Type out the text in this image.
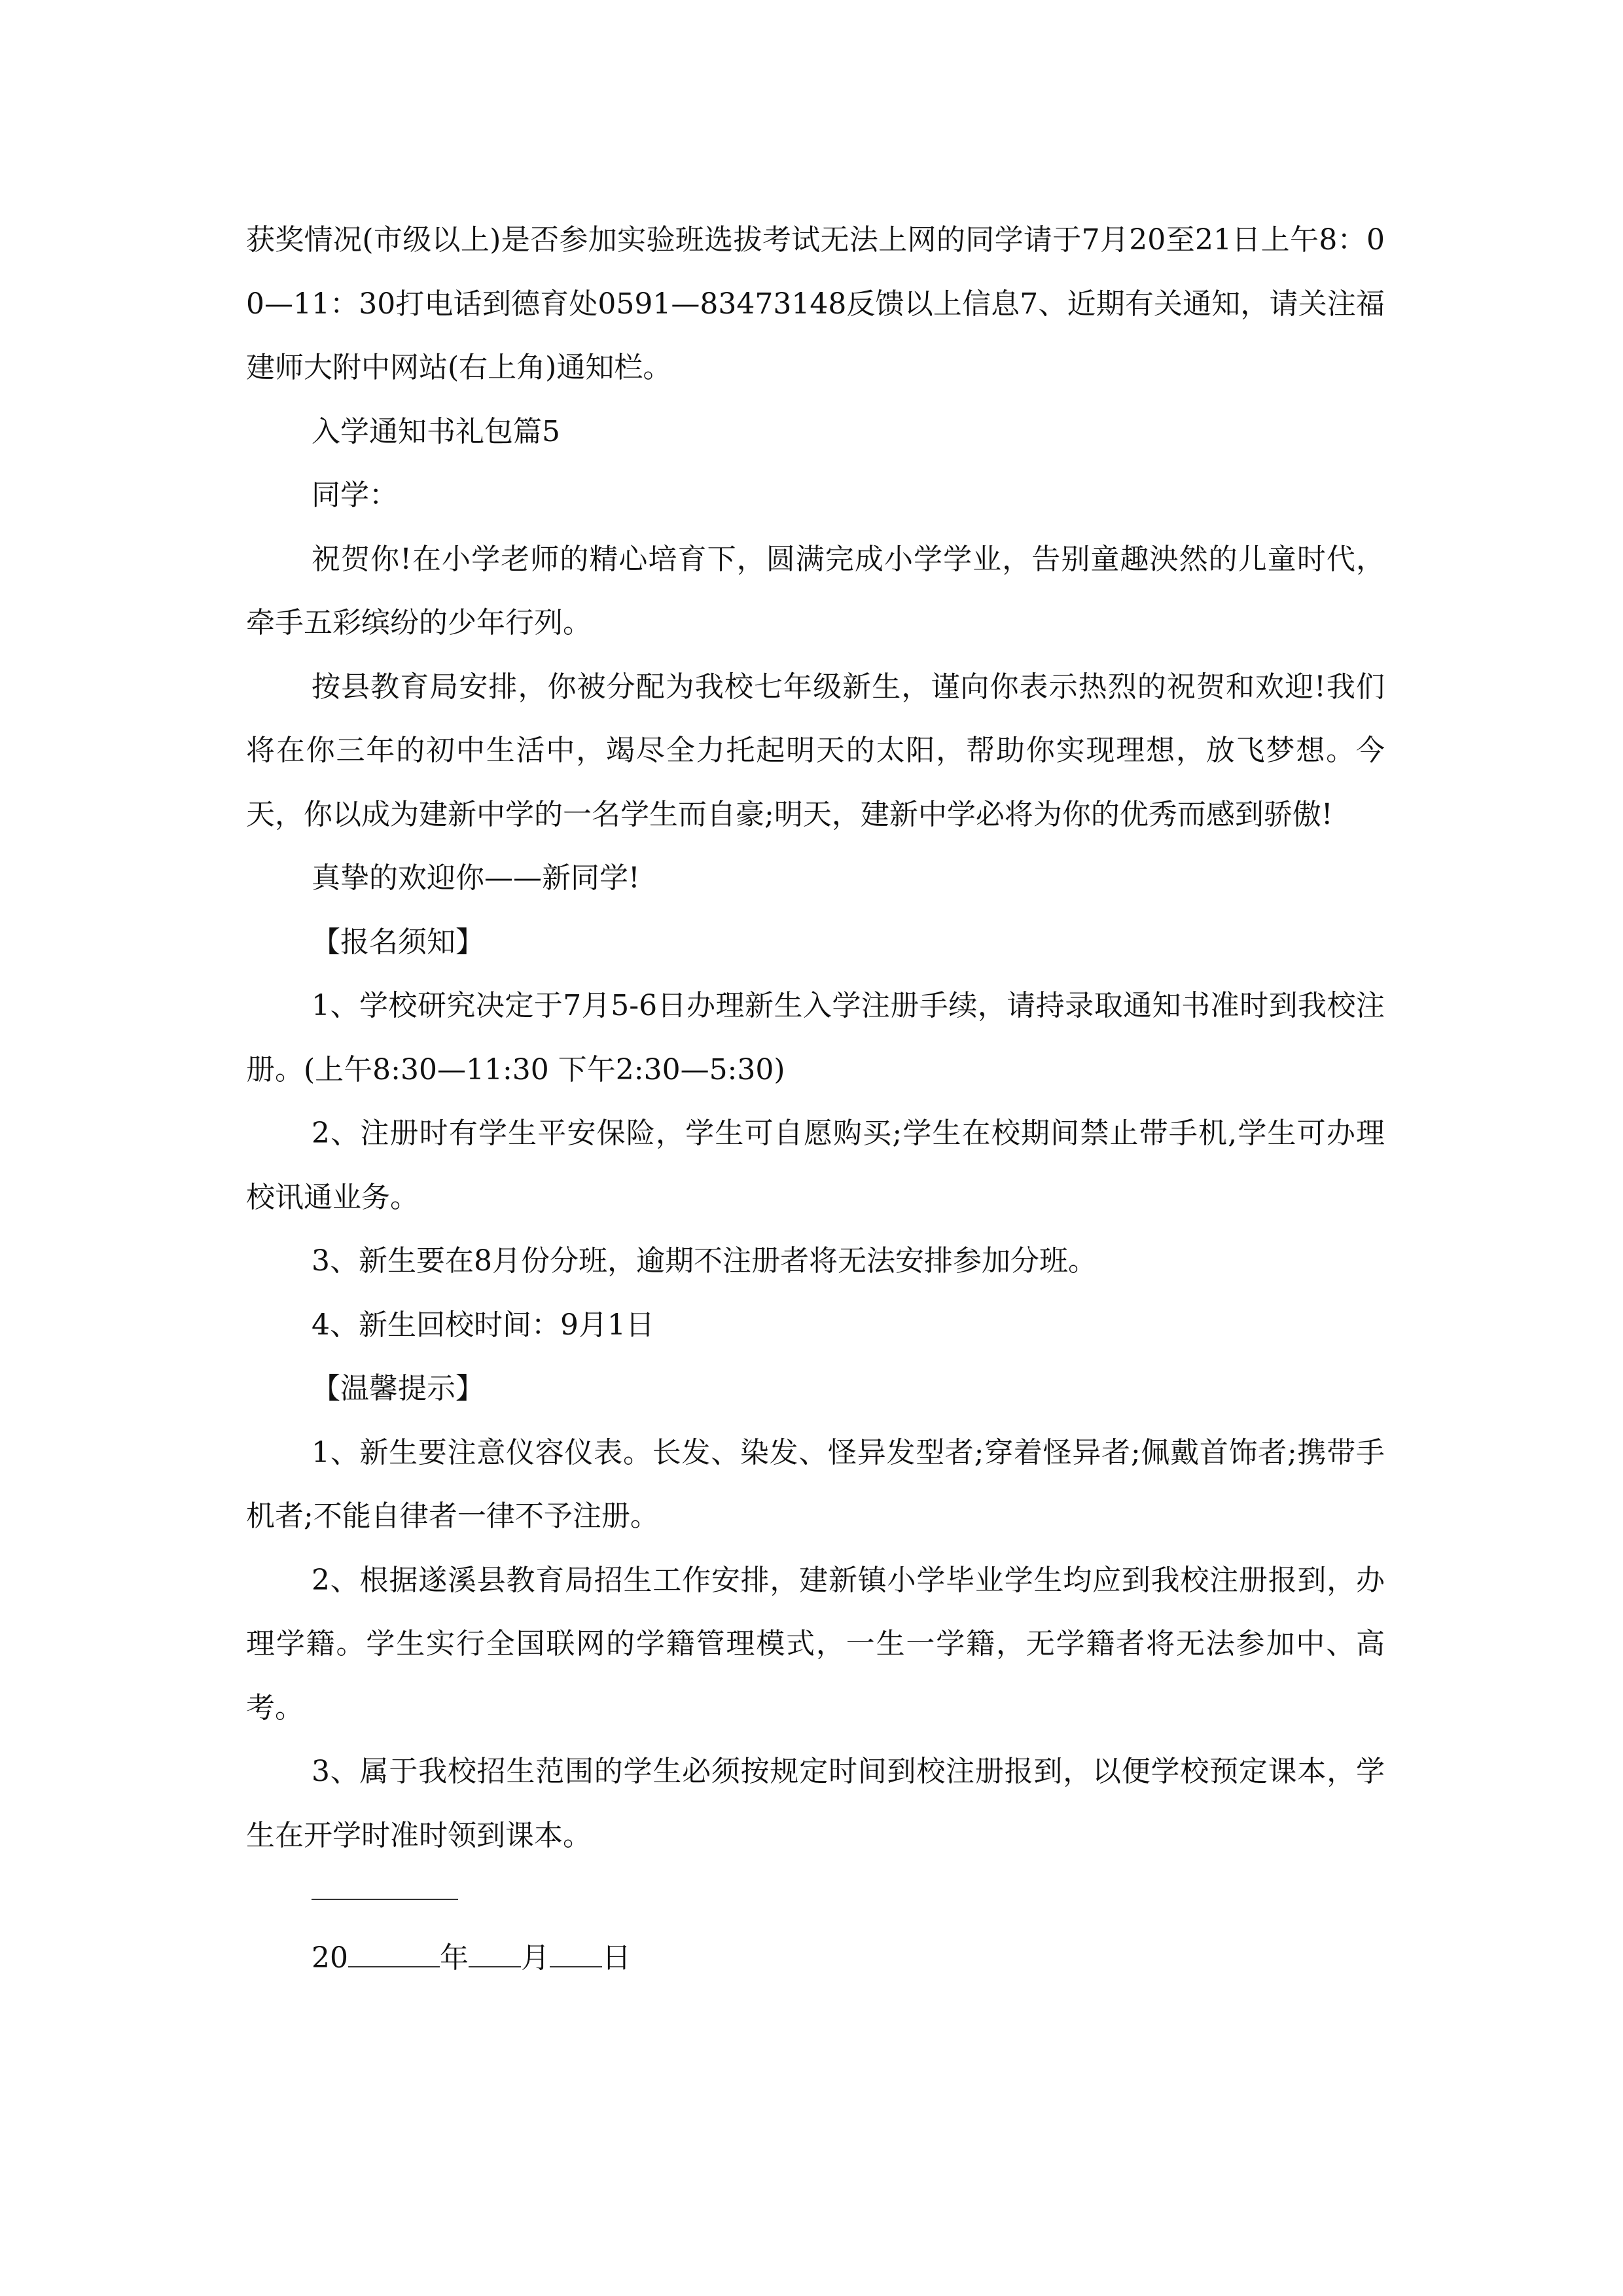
获奖情况(市级以上)是否参加实验班选拔考试无法上网的同学请于7月20至21日上午8：00—11：30打电话到德育处0591—83473148反馈以上信息7、近期有关通知，请关注福建师大附中网站(右上角)通知栏。

入学通知书礼包篇5

同学：

祝贺你!在小学老师的精心培育下，圆满完成小学学业，告别童趣泱然的儿童时代，牵手五彩缤纷的少年行列。

按县教育局安排，你被分配为我校七年级新生，谨向你表示热烈的祝贺和欢迎!我们将在你三年的初中生活中，竭尽全力托起明天的太阳，帮助你实现理想，放飞梦想。今天，你以成为建新中学的一名学生而自豪;明天，建新中学必将为你的优秀而感到骄傲!

真挚的欢迎你——新同学!

【报名须知】

1、学校研究决定于7月5-6日办理新生入学注册手续，请持录取通知书准时到我校注册。(上午8:30—11:30 下午2:30—5:30)

2、注册时有学生平安保险，学生可自愿购买;学生在校期间禁止带手机,学生可办理校讯通业务。

3、新生要在8月份分班，逾期不注册者将无法安排参加分班。

4、新生回校时间：9月1日

【温馨提示】

1、新生要注意仪容仪表。长发、染发、怪异发型者;穿着怪异者;佩戴首饰者;携带手机者;不能自律者一律不予注册。

2、根据遂溪县教育局招生工作安排，建新镇小学毕业学生均应到我校注册报到，办理学籍。学生实行全国联网的学籍管理模式，一生一学籍，无学籍者将无法参加中、高考。

3、属于我校招生范围的学生必须按规定时间到校注册报到，以便学校预定课本，学生在开学时准时领到课本。

20	年 月 日
